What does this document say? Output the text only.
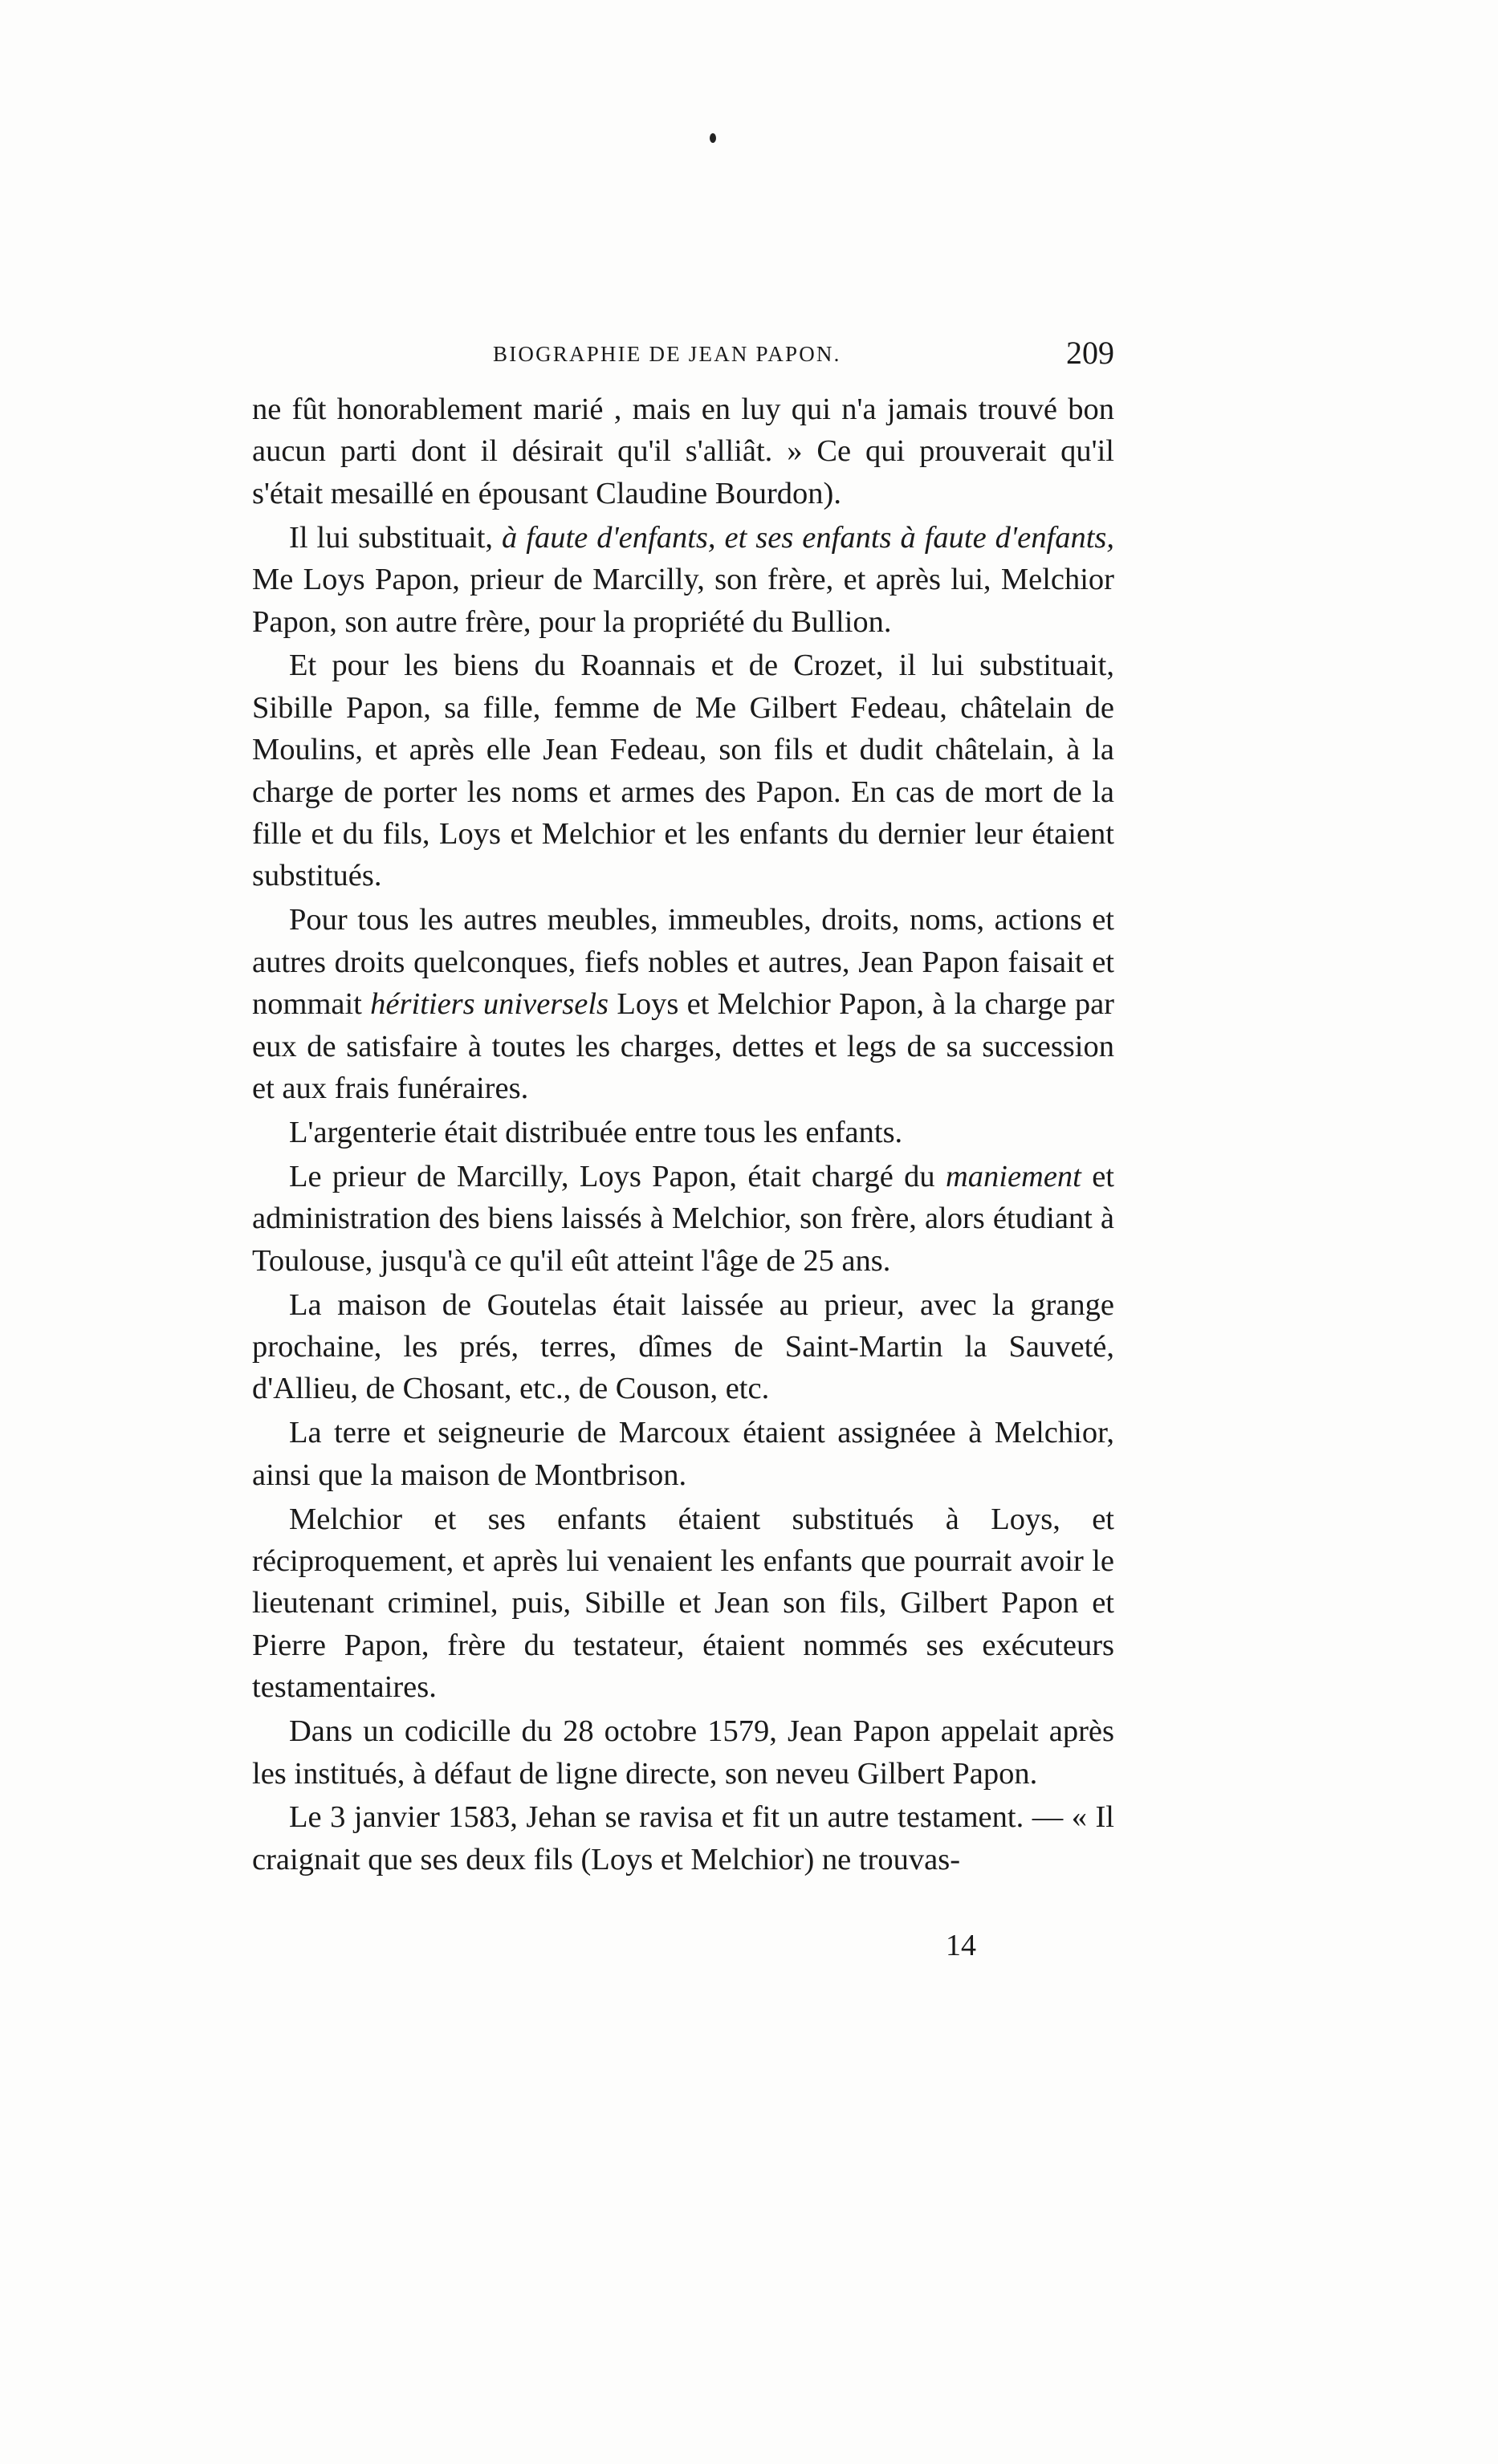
BIOGRAPHIE DE JEAN PAPON.	209

ne fût honorablement marié , mais en luy qui n'a jamais trouvé bon aucun parti dont il désirait qu'il s'alliât. » Ce qui prouverait qu'il s'était mesaillé en épousant Claudine Bourdon).

Il lui substituait, à faute d'enfants, et ses enfants à faute d'enfants, Me Loys Papon, prieur de Marcilly, son frère, et après lui, Melchior Papon, son autre frère, pour la propriété du Bullion.

Et pour les biens du Roannais et de Crozet, il lui substituait, Sibille Papon, sa fille, femme de Me Gilbert Fedeau, châtelain de Moulins, et après elle Jean Fedeau, son fils et dudit châtelain, à la charge de porter les noms et armes des Papon. En cas de mort de la fille et du fils, Loys et Melchior et les enfants du dernier leur étaient substitués.

Pour tous les autres meubles, immeubles, droits, noms, actions et autres droits quelconques, fiefs nobles et autres, Jean Papon faisait et nommait héritiers universels Loys et Melchior Papon, à la charge par eux de satisfaire à toutes les charges, dettes et legs de sa succession et aux frais funéraires.

L'argenterie était distribuée entre tous les enfants.

Le prieur de Marcilly, Loys Papon, était chargé du maniement et administration des biens laissés à Melchior, son frère, alors étudiant à Toulouse, jusqu'à ce qu'il eût atteint l'âge de 25 ans.

La maison de Goutelas était laissée au prieur, avec la grange prochaine, les prés, terres, dîmes de Saint-Martin la Sauveté, d'Allieu, de Chosant, etc., de Couson, etc.

La terre et seigneurie de Marcoux étaient assignéee à Melchior, ainsi que la maison de Montbrison.

Melchior et ses enfants étaient substitués à Loys, et réciproquement, et après lui venaient les enfants que pourrait avoir le lieutenant criminel, puis, Sibille et Jean son fils, Gilbert Papon et Pierre Papon, frère du testateur, étaient nommés ses exécuteurs testamentaires.

Dans un codicille du 28 octobre 1579, Jean Papon appelait après les institués, à défaut de ligne directe, son neveu Gilbert Papon.

Le 3 janvier 1583, Jehan se ravisa et fit un autre testament. — « Il craignait que ses deux fils (Loys et Melchior) ne trouvas-

14
